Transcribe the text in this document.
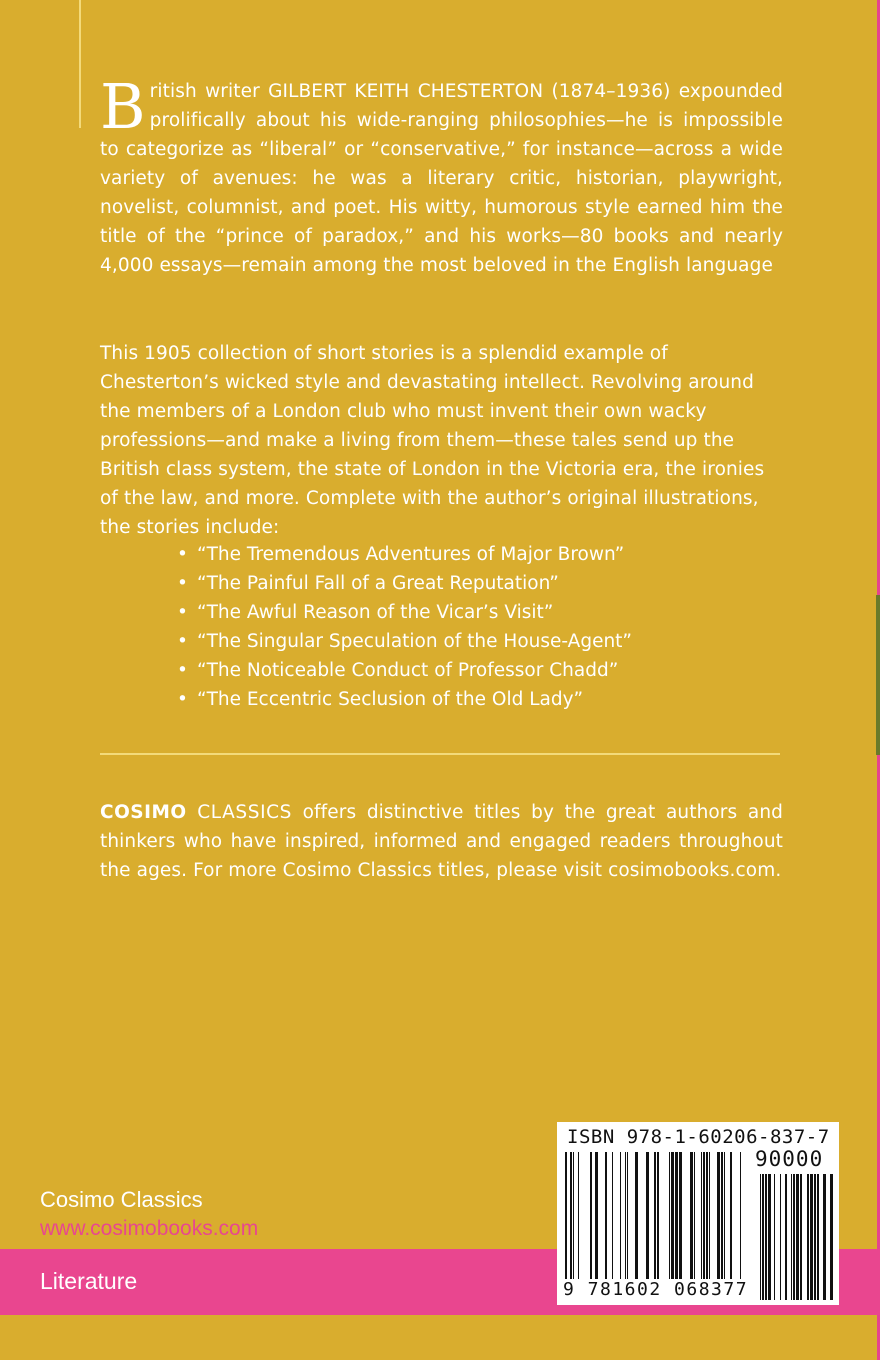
British writer GILBERT KEITH CHESTERTON (1874–1936) expounded prolifically about his wide-ranging philosophies—he is impossible to categorize as “liberal” or “conservative,” for instance—across a wide variety of avenues: he was a literary critic, historian, playwright, novelist, columnist, and poet. His witty, humorous style earned him the title of the “prince of paradox,” and his works—80 books and nearly 4,000 essays—remain among the most beloved in the English language

This 1905 collection of short stories is a splendid example of Chesterton’s wicked style and devastating intellect. Revolving around the members of a London club who must invent their own wacky professions—and make a living from them—these tales send up the British class system, the state of London in the Victoria era, the ironies of the law, and more. Complete with the author’s original illustrations, the stories include:

• “The Tremendous Adventures of Major Brown”
• “The Painful Fall of a Great Reputation”
• “The Awful Reason of the Vicar’s Visit”
• “The Singular Speculation of the House-Agent”
• “The Noticeable Conduct of Professor Chadd”
• “The Eccentric Seclusion of the Old Lady”

COSIMO CLASSICS offers distinctive titles by the great authors and thinkers who have inspired, informed and engaged readers throughout the ages. For more Cosimo Classics titles, please visit cosimobooks.com.

Cosimo Classics
www.cosimobooks.com
Literature
ISBN 978-1-60206-837-7
90000
9 781602 068377
